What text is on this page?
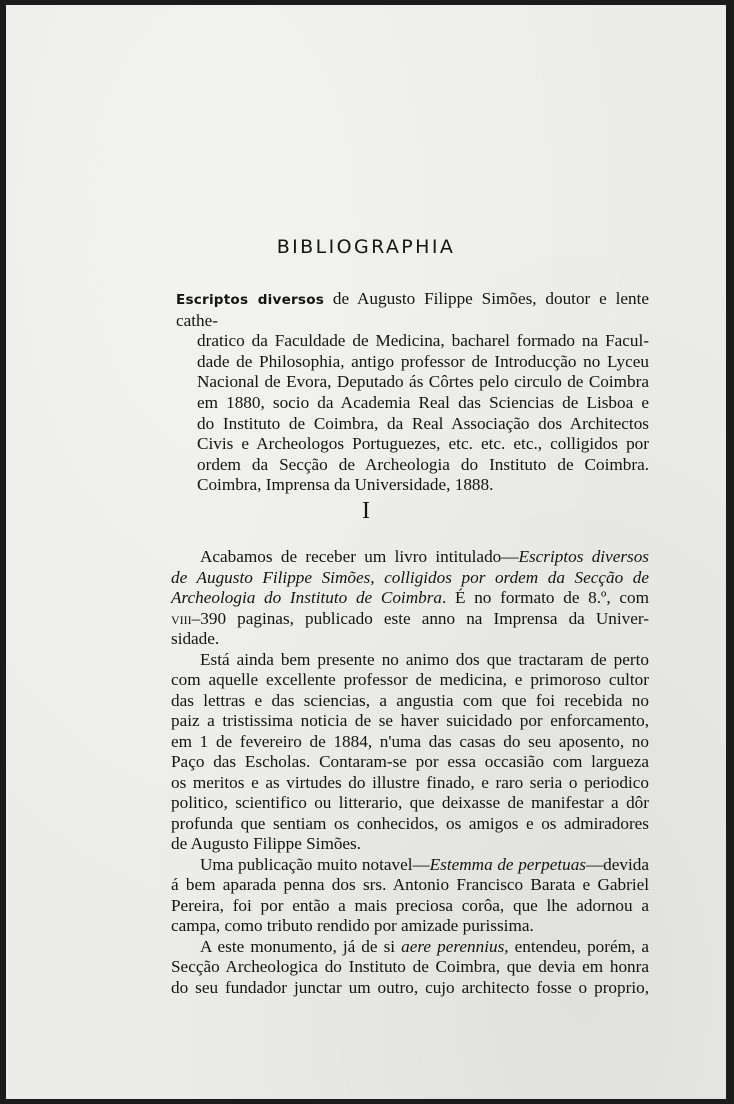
BIBLIOGRAPHIA
Escriptos diversos de Augusto Filippe Simões, doutor e lente cathe-
dratico da Faculdade de Medicina, bacharel formado na Facul-
dade de Philosophia, antigo professor de Introducção no Lyceu
Nacional de Evora, Deputado ás Côrtes pelo circulo de Coimbra
em 1880, socio da Academia Real das Sciencias de Lisboa e
do Instituto de Coimbra, da Real Associação dos Architectos
Civis e Archeologos Portuguezes, etc. etc. etc., colligidos por
ordem da Secção de Archeologia do Instituto de Coimbra.
Coimbra, Imprensa da Universidade, 1888.
I
Acabamos de receber um livro intitulado—Escriptos diversos
de Augusto Filippe Simões, colligidos por ordem da Secção de
Archeologia do Instituto de Coimbra. É no formato de 8.º, com
viii–390 paginas, publicado este anno na Imprensa da Univer-
sidade.
Está ainda bem presente no animo dos que tractaram de perto
com aquelle excellente professor de medicina, e primoroso cultor
das lettras e das sciencias, a angustia com que foi recebida no
paiz a tristissima noticia de se haver suicidado por enforcamento,
em 1 de fevereiro de 1884, n'uma das casas do seu aposento, no
Paço das Escholas. Contaram-se por essa occasião com largueza
os meritos e as virtudes do illustre finado, e raro seria o periodico
politico, scientifico ou litterario, que deixasse de manifestar a dôr
profunda que sentiam os conhecidos, os amigos e os admiradores
de Augusto Filippe Simões.
Uma publicação muito notavel—Estemma de perpetuas—devida
á bem aparada penna dos srs. Antonio Francisco Barata e Gabriel
Pereira, foi por então a mais preciosa corôa, que lhe adornou a
campa, como tributo rendido por amizade purissima.
A este monumento, já de si aere perennius, entendeu, porém, a
Secção Archeologica do Instituto de Coimbra, que devia em honra
do seu fundador junctar um outro, cujo architecto fosse o proprio,
